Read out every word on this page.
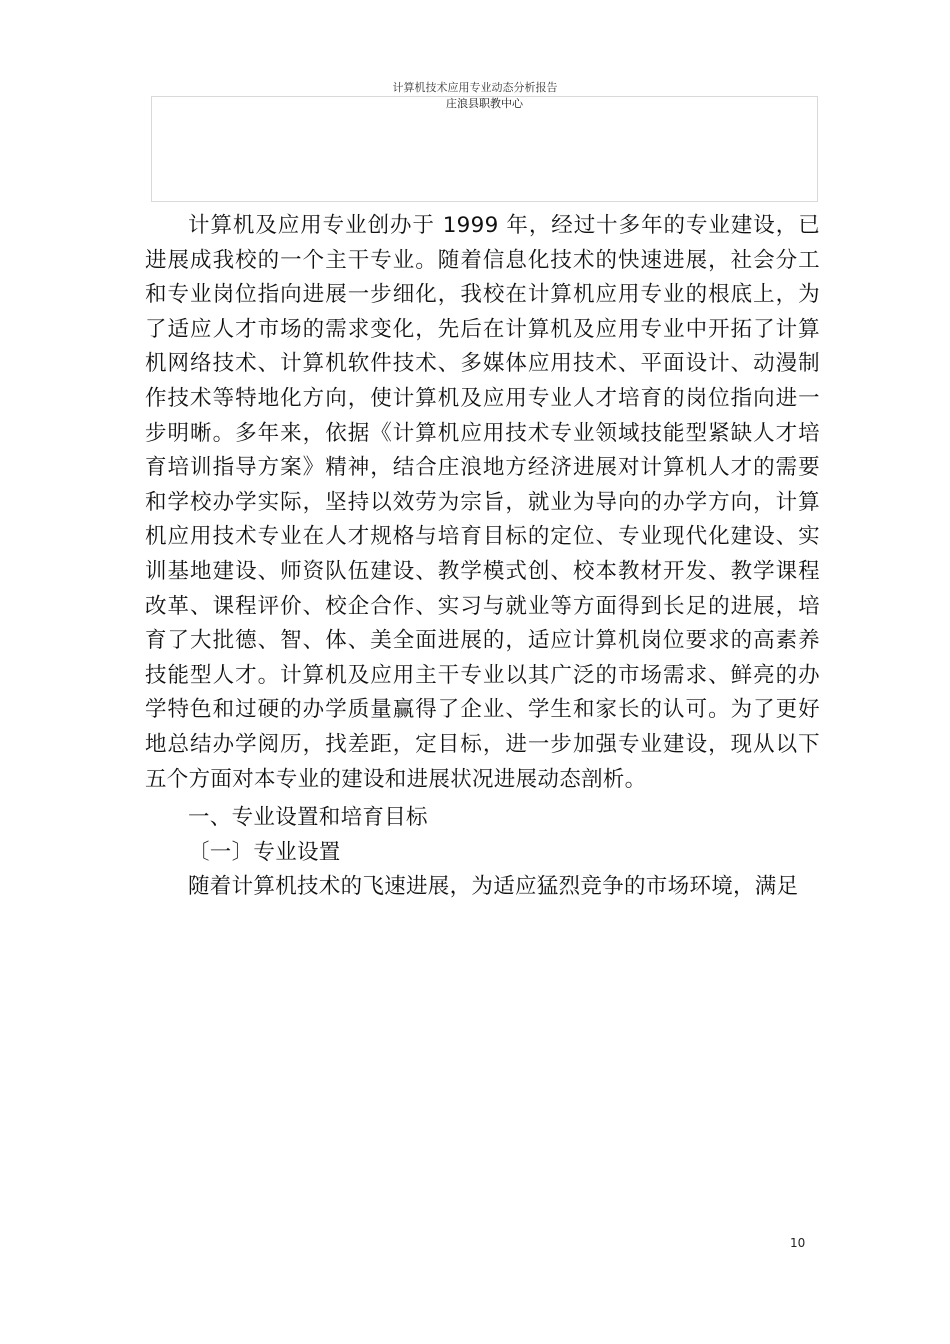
计算机技术应用专业动态分析报告
庄浪县职教中心

计算机及应用专业创办于 1999 年，经过十多年的专业建设，已进展成我校的一个主干专业。随着信息化技术的快速进展，社会分工和专业岗位指向进展一步细化，我校在计算机应用专业的根底上，为了适应人才市场的需求变化，先后在计算机及应用专业中开拓了计算机网络技术、计算机软件技术、多媒体应用技术、平面设计、动漫制作技术等特地化方向，使计算机及应用专业人才培育的岗位指向进一步明晰。多年来，依据《计算机应用技术专业领域技能型紧缺人才培育培训指导方案》精神，结合庄浪地方经济进展对计算机人才的需要和学校办学实际，坚持以效劳为宗旨，就业为导向的办学方向，计算机应用技术专业在人才规格与培育目标的定位、专业现代化建设、实训基地建设、师资队伍建设、教学模式创、校本教材开发、教学课程改革、课程评价、校企合作、实习与就业等方面得到长足的进展，培育了大批德、智、体、美全面进展的，适应计算机岗位要求的高素养技能型人才。计算机及应用主干专业以其广泛的市场需求、鲜亮的办学特色和过硬的办学质量赢得了企业、学生和家长的认可。为了更好地总结办学阅历，找差距，定目标，进一步加强专业建设，现从以下五个方面对本专业的建设和进展状况进展动态剖析。

一、专业设置和培育目标

〔一〕专业设置

随着计算机技术的飞速进展，为适应猛烈竞争的市场环境，满足

10
